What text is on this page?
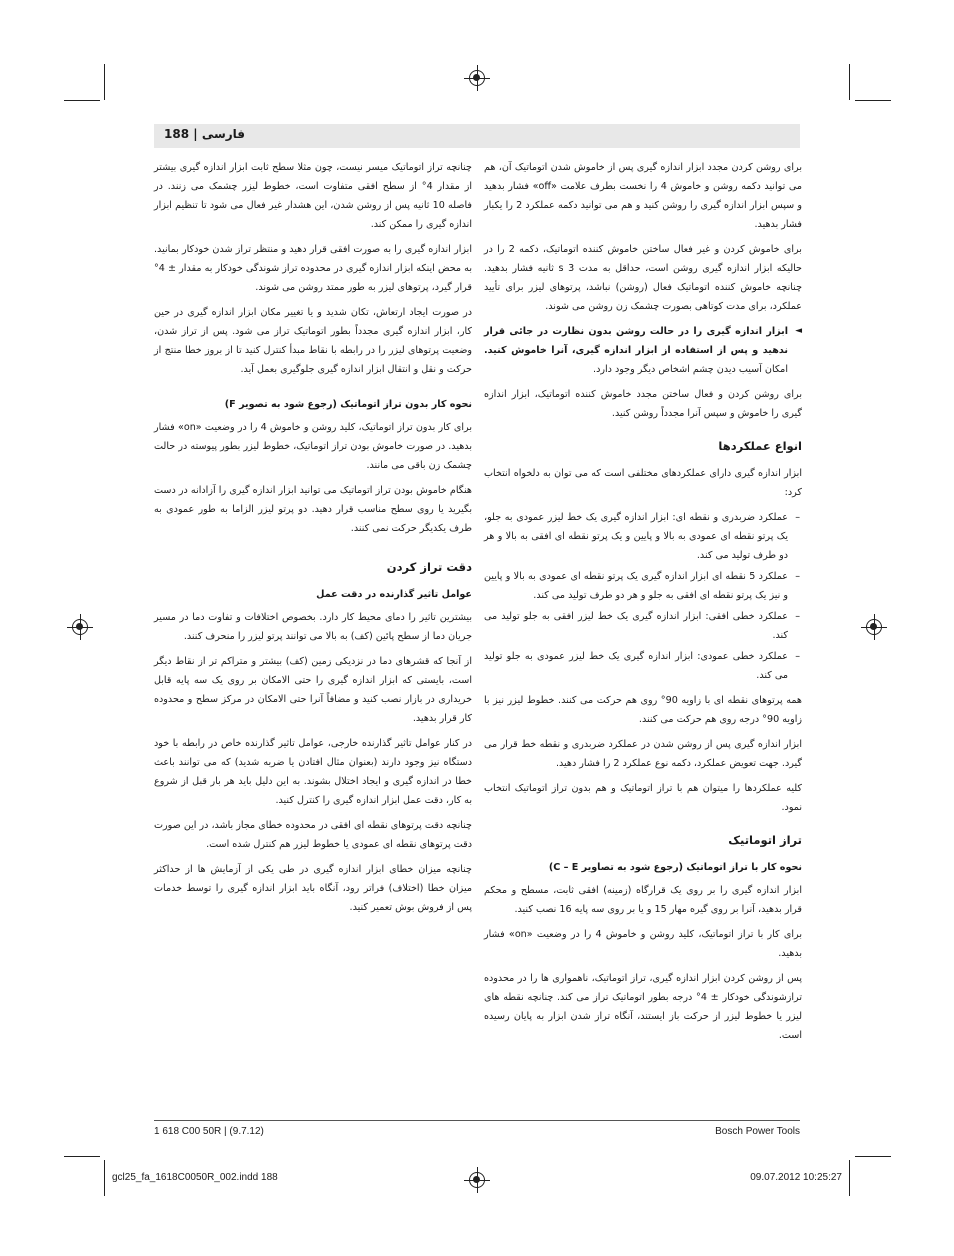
فارسی | 188

برای روشن کردن مجدد ابزار اندازه گیری پس از خاموش شدن اتوماتیک آن، هم می توانید دکمه روشن و خاموش 4 را نخست بطرف علامت «off» فشار بدهید و سپس ابزار اندازه گیری را روشن کنید و هم می توانید دکمه عملکرد 2 را یکبار فشار بدهید.

برای خاموش کردن و غیر فعال ساختن خاموش کننده اتوماتیک، دکمه 2 را در حالیکه ابزار اندازه گیری روشن است، حداقل به مدت 3 s ثانیه فشار بدهید. چنانچه خاموش کننده اتوماتیک فعال (روشن) نباشد، پرتوهای لیزر برای تأیید عملکرد، برای مدت کوتاهی بصورت چشمک زن روشن می شوند.

◄
ابزار اندازه گیری را در حالت روشن بدون نظارت در جائی قرار ندهید و پس از استفاده از ابزار اندازه گیری، آنرا خاموش کنید. امکان آسیب دیدن چشم اشخاص دیگر وجود دارد.

برای روشن کردن و فعال ساختن مجدد خاموش کننده اتوماتیک، ابزار اندازه گیری را خاموش و سپس آنرا مجدداً روشن کنید.

انواع عملکردها

ابزار اندازه گیری دارای عملکردهای مختلفی است که می توان به دلخواه انتخاب کرد:

– عملکرد ضربدری و نقطه ای: ابزار اندازه گیری یک خط لیزر عمودی به جلو، یک پرتو نقطه ای عمودی به بالا و پایین و یک پرتو نقطه ای افقی به بالا و هر دو طرف تولید می کند.
– عملکرد 5 نقطه ای ابزار اندازه گیری یک پرتو نقطه ای عمودی به بالا و پایین و نیز یک پرتو نقطه ای افقی به جلو و هر دو طرف تولید می کند.
– عملکرد خطی افقی: ابزار اندازه گیری یک خط لیزر افقی به جلو تولید می کند.
– عملکرد خطی عمودی: ابزار اندازه گیری یک خط لیزر عمودی به جلو تولید می کند.

همه پرتوهای نقطه ای با زاویه 90° روی هم حرکت می کنند. خطوط لیزر نیز با زاویه 90° درجه روی هم حرکت می کنند.

ابزار اندازه گیری پس از روشن شدن در عملکرد ضربدری و نقطه خط قرار می گیرد. جهت تعویض عملکرد، دکمه نوع عملکرد 2 را فشار دهید.

کلیه عملکردها را میتوان هم با تراز اتوماتیک و هم بدون تراز اتوماتیک انتخاب نمود.

تراز اتوماتیک
نحوه کار با تراز اتوماتیک (رجوع شود به تصاویر C – E)

ابزار اندازه گیری را بر روی یک قرارگاه (زمینه) افقی ثابت، مسطح و محکم قرار بدهید، آنرا بر روی گیره مهار 15 و یا بر روی سه پایه 16 نصب کنید.

برای کار با تراز اتوماتیک، کلید روشن و خاموش 4 را در وضعیت «on» فشار بدهید.

پس از روشن کردن ابزار اندازه گیری، تراز اتوماتیک، ناهمواری ها را در محدوده ترازشوندگی خودکار ± 4° درجه بطور اتوماتیک تراز می کند. چنانچه نقطه های لیزر یا خطوط لیزر از حرکت باز ایستند، آنگاه تراز شدن ابزار به پایان رسیده است.

چنانچه تراز اتوماتیک میسر نیست، چون مثلا سطح ثابت ابزار اندازه گیری بیشتر از مقدار 4° از سطح افقی متفاوت است، خطوط لیزر چشمک می زنند. در فاصله 10 ثانیه پس از روشن شدن، این هشدار غیر فعال می شود تا تنظیم ابزار اندازه گیری را ممکن کند.

ابزار اندازه گیری را به صورت افقی قرار دهید و منتظر تراز شدن خودکار بمانید. به محض اینکه ابزار اندازه گیری در محدوده تراز شوندگی خودکار به مقدار ± 4° قرار گیرد، پرتوهای لیزر به طور ممتد روشن می شوند.

در صورت ایجاد ارتعاش، تکان شدید و یا تغییر مکان ابزار اندازه گیری در حین کار، ابزار اندازه گیری مجدداً بطور اتوماتیک تراز می شود. پس از تراز شدن، وضعیت پرتوهای لیزر را در رابطه با نقاط مبدأ کنترل کنید تا از بروز خطا منتج از حرکت و نقل و انتقال ابزار اندازه گیری جلوگیری بعمل آید.

نحوه کار بدون تراز اتوماتیک (رجوع شود به تصویر F)

برای کار بدون تراز اتوماتیک، کلید روشن و خاموش 4 را در وضعیت «on» فشار بدهید. در صورت خاموش بودن تراز اتوماتیک، خطوط لیزر بطور پیوسته در حالت چشمک زن باقی می مانند.

هنگام خاموش بودن تراز اتوماتیک می توانید ابزار اندازه گیری را آزادانه در دست بگیرید یا روی سطح مناسب قرار دهید. دو پرتو لیزر الزاما به طور عمودی به طرف یکدیگر حرکت نمی کنند.

دقت تراز کردن
عوامل تاثیر گذارنده در دقت عمل

بیشترین تاثیر را دمای محیط کار دارد. بخصوص اختلافات و تفاوت دما در مسیر جریان دما از سطح پائین (کف) به بالا می توانند پرتو لیزر را منحرف کنند.

از آنجا که قشرهای دما در نزدیکی زمین (کف) بیشتر و متراکم تر از نقاط دیگر است، بایستی که ابزار اندازه گیری را حتی الامکان بر روی یک سه پایه قابل خریداری در بازار نصب کنید و مضافاً آنرا حتی الامکان در مرکز سطح و محدوده کار قرار بدهید.

در کنار عوامل تاثیر گذارنده خارجی، عوامل تاثیر گذارنده خاص در رابطه با خود دستگاه نیز وجود دارند (بعنوان مثال افتادن یا ضربه شدید) که می توانند باعث خطا در اندازه گیری و ایجاد اختلال بشوند. به این دلیل باید هر بار قبل از شروع به کار، دقت عمل ابزار اندازه گیری را کنترل کنید.

چنانچه دقت پرتوهای نقطه ای افقی در محدوده خطای مجاز باشد، در این صورت دقت پرتوهای نقطه ای عمودی یا خطوط لیزر هم کنترل شده است.

چنانچه میزان خطای ابزار اندازه گیری در طی یکی از آزمایش ها از حداکثر میزان خطا (اختلاف) فراتر رود، آنگاه باید ابزار اندازه گیری را توسط خدمات پس از فروش بوش تعمیر کنید.

1 618 C00 50R | (9.7.12)	Bosch Power Tools
gcl25_fa_1618C0050R_002.indd 188	09.07.2012 10:25:27
